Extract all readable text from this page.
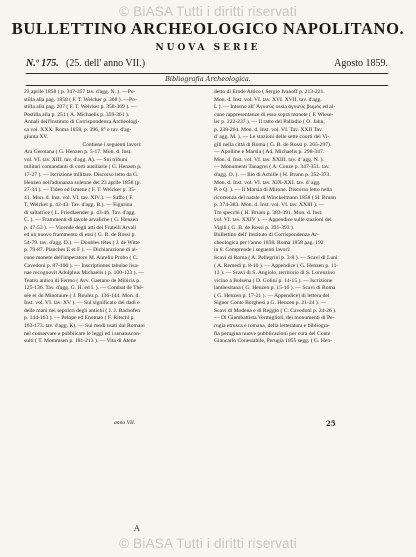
© BiASA Tutti i diritti riservati
BULLETTINO ARCHEOLOGICO NAPOLITANO.
NUOVA SERIE
N.º 175. (25. dell' anno VII.)	Agosto 1859.
Bibliografia Archeologica.

23 aprile 1858 ( p. 347-357 tav. d'agg. N. ). —Po-

stilla alla pag. 1858 ( F. T. Welcker p. 368 ). —Po-

stilla alla pag. 207 ( F. T. Welcker p. 358-369 ). —

Postilla alla p. 251 ( A. Michaelis p. 359-361 ).

Annali dell'Instituto di Corrispondenza Archeologi-

ca vol. XXX. Roma 1858, p. 396, 8° e tav. d'ag-

giunta XV.

Contiene i seguenti lavori:

Ara Gerotana ( G. Henzen p. 5-17. Mon. d. Inst.

vol. VI. tav. XIII. tav. d'agg. A). — Sui tribuni

militari comandanti di corti ausiliarie ( G. Henzen p.

17-27 ). — Iscrizione militare. Discorso letto da G.

Henzen nell'adunanza solenne del 23 aprile 1858 (p.

27-34 ). — Tideo ed Ismene ( F. T. Welcker p. 35-

41. Mon. d. Inst. vol. VI. tav. XIV.). — Saffo ( F.

T. Welcker p. 42-43. Tav. d'agg. B.). — Figurina

di saltatrice ( L. Friedlaender p. 43-46. Tav. d'agg.

C. ). — Frammenti di tavole arvaliche ( G. Henzen

p. 47-53 ). — Vicende degli atti dei Fratelli Arvali

ed un nuovo frammento di essi ( G. B. de Rossi p.

54-79. tav. d'agg. D.). — Doubles têtes ( J. de Witte

p. 79-87. Planches E et F ). — Dichiarazione di al-

cune monete dell'imperatore M. Aurelio Probo ( C.

Cavedoni p. 87-100 ). — Inscriptiones tabulae lisa-

nae recognovit Adolphus Michaelis ( p. 100-123 ). —

Teatro antico di Fermo ( Avv. Gaetano de Minicis p.

125-136. Tav. d'agg. G. H. ed I. ). — Combat de Thé-

sée et du Minotaure ( J. Roulez p. 136-144. Mon. d.

Inst. vol. VI. tav. XV ). — Sul significato dei dadi e

delle mani nei sepolcri degli antichi ( J. J. Bachofen

p. 144-163 ). — Pelope ed Enomao ( F. Ritschl p.

163-173. tav. d'agg. K). — Sui modi usati dai Romani

nel conservare e pubblicare le leggi ed i senatuscon-

sulti ( T. Mommsen p. 181-213 ). — Vita di Atene

detto di Erode Attico ( Sergio Ivanoff p. 213-221.

Mon. d. Inst. vol. VI. tav. XVI. XVII. tav. d'agg.

L ). — Intorno all' Ἀγυιεὺς ossia ἀγυιεὺς βωμός ed al-

cune rappresentanze di esso sopra monete ( F. Wiese-

ler p. 222-237 ). — Il ratto del Palladio ( O. Jahn,

p. 238-264. Mon. d. Inst. vol. VI. Tav. XXII Tav.

d' agg. M. ). — Le stazioni delle sette coorti dei Vi-

gili nella città di Roma ( G. B. de Rossi p. 265-297).

— Apolline e Marsia ( Ad. Michaelis p. 298-347.

Mon. d. Inst. vol. VI. tav. XXIII. tav. d' agg. N. ).

— Monumenti Tanagrei ( A. Conze p. 347-351. tav.

d'agg. O. ). — Ilio di Achille ( H. Brunn p. 352-373.

Mon. d. Inst. vol. VI. tav. XIX-XXI. tav. d' agg.

P. e Q. ). — Il Marsia di Mirone. Discorso letto nella

ricorrenza del natale di Winckelmann 1858 ( H. Brunn

p. 374-383. Mon. d. Inst. vol. VI. tav. XXIII ). —

Tre specchi ( H. Brunn p. 383-391. Mon. d. Inst.

vol. VI. tav. XXIV ). — Appendice sulle stazioni dei

Vigili ( G. B. de Rossi p. 391-393 ).

Bullettino dell' Instituto di Corrispondenza Ar-

cheologica per l'anno 1858. Roma 1858 pag. 192

in 8. Comprende i seguenti lavori:

Scavi di Roma ( A. Pellegrini p. 3-8 ). — Scavi di Luni

( A. Remedi p. 8-10 ). — Appendice ( G. Henzen p. 11-

13 ). — Scavi di S. Angiolo, territorio di S. Lorenzino

vicino a Bolsena ( D. Golini p. 14-15 ). — Iscrizione

lambesitana ( G. Henzen p. 15-16 ). — Scavi di Roma

( G. Henzen p. 17-21 ). — Appendice) di lettera del

Signor Conte Borghesi a G. Henzen p. 21-24 ). —

Scavi di Modena e di Reggio ( C. Cavedoni p. 24-26 ).

— Di Giambattista Vermiglioli, dei monumenti di Pe-

rugia etrusca e romana, della letteratura e bibliogra-

fia perugina nuove pubblicazioni per cura del Conte

Giancarlo Conestabile, Perugia 1855 segg. ( G. Hen-

anno VII.	25
A
© BiASA Tutti i diritti riservati
